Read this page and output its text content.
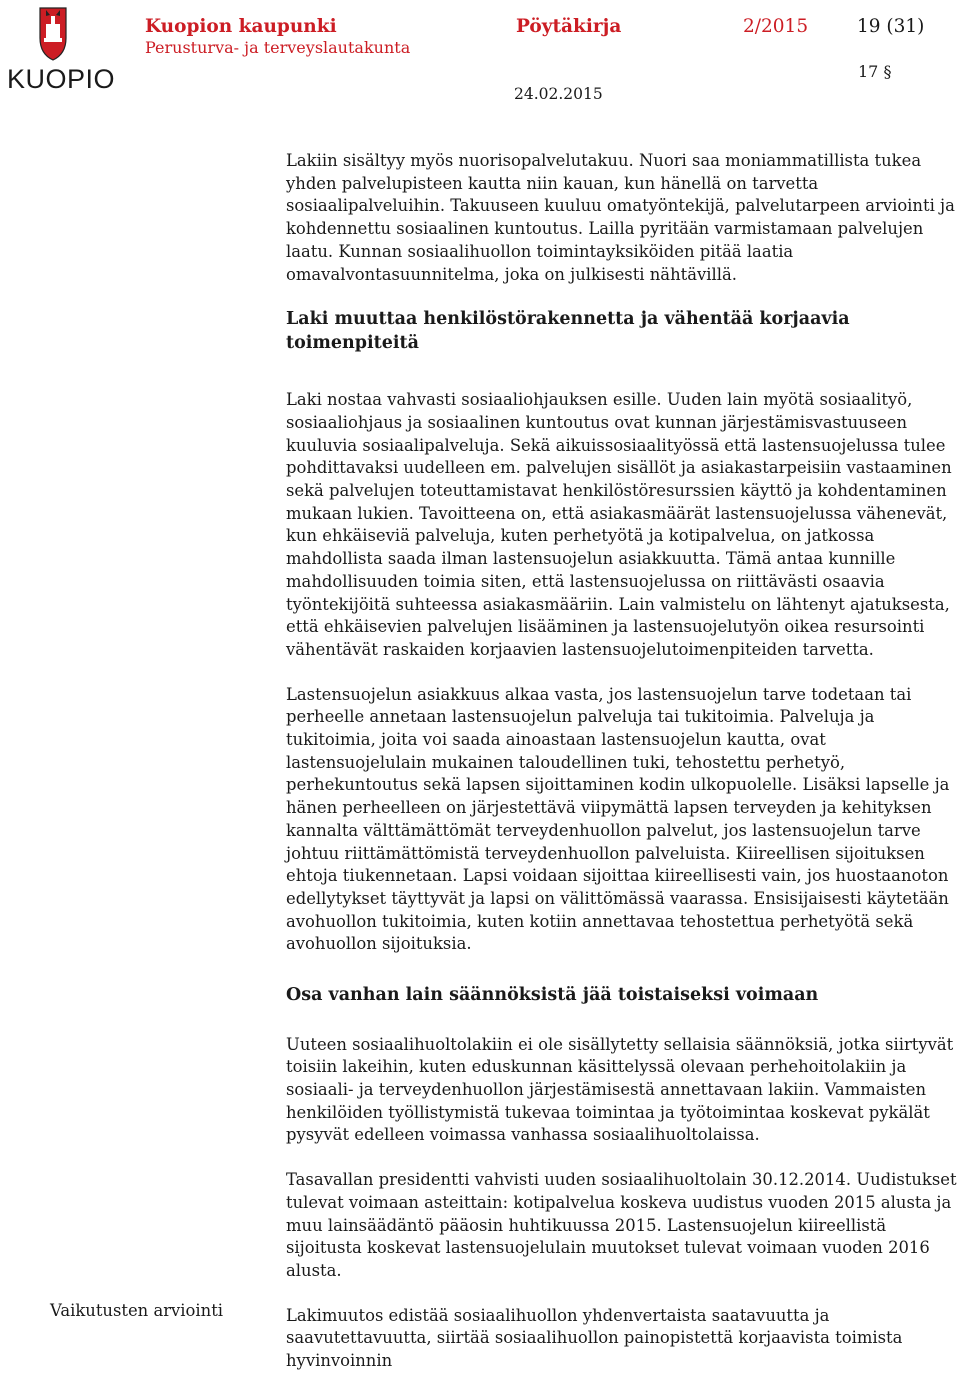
KUOPIO
Kuopion kaupunki
Perusturva- ja terveyslautakunta
Pöytäkirja	2/2015	19 (31)
17 §
24.02.2015

Lakiin sisältyy myös nuorisopalvelutakuu. Nuori saa moniammatillista tukea yhden palvelupisteen kautta niin kauan, kun hänellä on tarvetta sosiaalipalveluihin. Takuuseen kuuluu omatyöntekijä, palvelutarpeen arviointi ja kohdennettu sosiaalinen kuntoutus. Lailla pyritään varmistamaan palvelujen laatu. Kunnan sosiaalihuollon toimintayksiköiden pitää laatia omavalvontasuunnitelma, joka on julkisesti nähtävillä.

Laki muuttaa henkilöstörakennetta ja vähentää korjaavia toimenpiteitä

Laki nostaa vahvasti sosiaaliohjauksen esille. Uuden lain myötä sosiaalityö, sosiaaliohjaus ja sosiaalinen kuntoutus ovat kunnan järjestämisvastuuseen kuuluvia sosiaalipalveluja. Sekä aikuissosiaalityössä että lastensuojelussa tulee pohdittavaksi uudelleen em. palvelujen sisällöt ja asiakastarpeisiin vastaaminen sekä palvelujen toteuttamistavat henkilöstöresurssien käyttö ja kohdentaminen mukaan lukien. Tavoitteena on, että asiakasmäärät lastensuojelussa vähenevät, kun ehkäiseviä palveluja, kuten perhetyötä ja kotipalvelua, on jatkossa mahdollista saada ilman lastensuojelun asiakkuutta. Tämä antaa kunnille mahdollisuuden toimia siten, että lastensuojelussa on riittävästi osaavia työntekijöitä suhteessa asiakasmääriin. Lain valmistelu on lähtenyt ajatuksesta, että ehkäisevien palvelujen lisääminen ja lastensuojelutyön oikea resursointi vähentävät raskaiden korjaavien lastensuojelutoimenpiteiden tarvetta.

Lastensuojelun asiakkuus alkaa vasta, jos lastensuojelun tarve todetaan tai perheelle annetaan lastensuojelun palveluja tai tukitoimia. Palveluja ja tukitoimia, joita voi saada ainoastaan lastensuojelun kautta, ovat lastensuojelulain mukainen taloudellinen tuki, tehostettu perhetyö, perhekuntoutus sekä lapsen sijoittaminen kodin ulkopuolelle. Lisäksi lapselle ja hänen perheelleen on järjestettävä viipymättä lapsen terveyden ja kehityksen kannalta välttämättömät terveydenhuollon palvelut, jos lastensuojelun tarve johtuu riittämättömistä terveydenhuollon palveluista. Kiireellisen sijoituksen ehtoja tiukennetaan. Lapsi voidaan sijoittaa kiireellisesti vain, jos huostaanoton edellytykset täyttyvät ja lapsi on välittömässä vaarassa. Ensisijaisesti käytetään avohuollon tukitoimia, kuten kotiin annettavaa tehostettua perhetyötä sekä avohuollon sijoituksia.

Osa vanhan lain säännöksistä jää toistaiseksi voimaan

Uuteen sosiaalihuoltolakiin ei ole sisällytetty sellaisia säännöksiä, jotka siirtyvät toisiin lakeihin, kuten eduskunnan käsittelyssä olevaan perhehoitolakiin ja sosiaali- ja terveydenhuollon järjestämisestä annettavaan lakiin. Vammaisten henkilöiden työllistymistä tukevaa toimintaa ja työtoimintaa koskevat pykälät pysyvät edelleen voimassa vanhassa sosiaalihuoltolaissa.

Tasavallan presidentti vahvisti uuden sosiaalihuoltolain 30.12.2014. Uudistukset tulevat voimaan asteittain: kotipalvelua koskeva uudistus vuoden 2015 alusta ja muu lainsäädäntö pääosin huhtikuussa 2015. Lastensuojelun kiireellistä sijoitusta koskevat lastensuojelulain muutokset tulevat voimaan vuoden 2016 alusta.

Lakimuutos edistää sosiaalihuollon yhdenvertaista saatavuutta ja saavutettavuutta, siirtää sosiaalihuollon painopistettä korjaavista toimista hyvinvoinnin

Vaikutusten arviointi
